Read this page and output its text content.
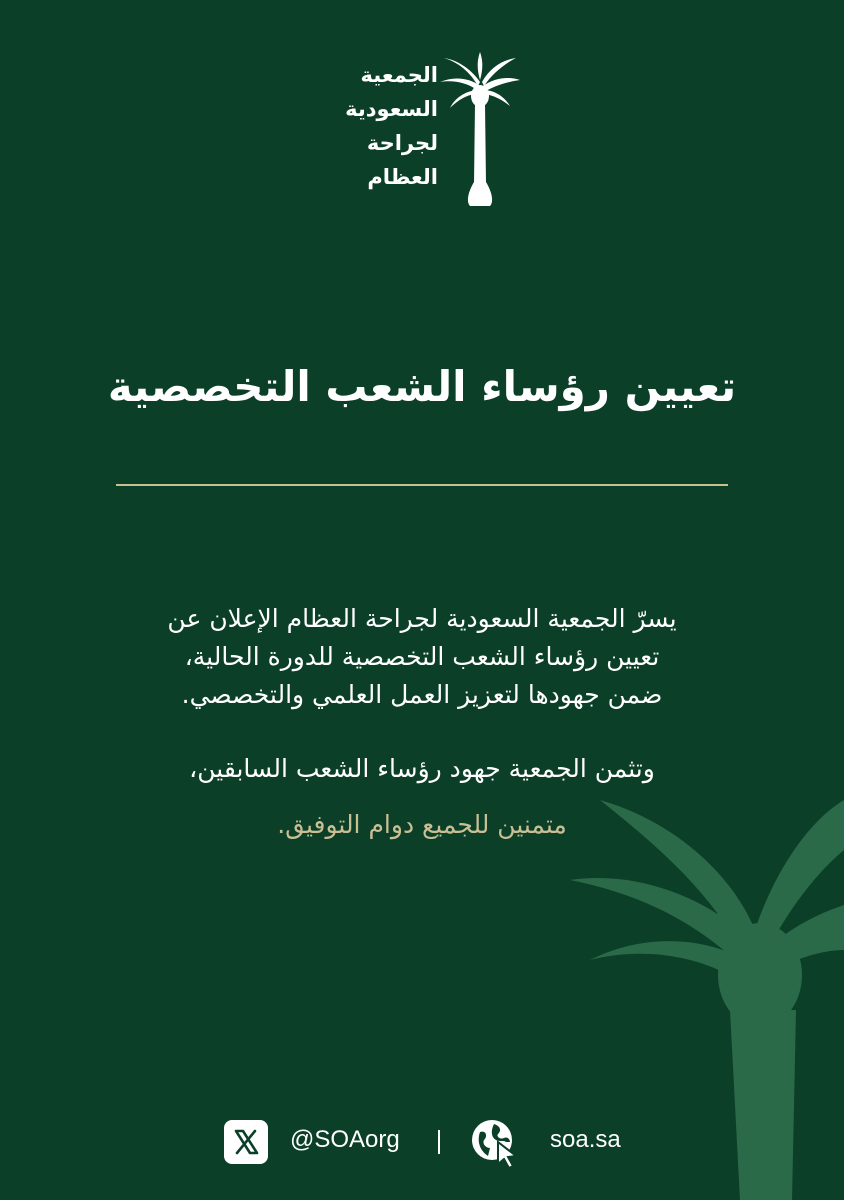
الجمعية
السعودية
لجراحة
العظام
تعيين رؤساء الشعب التخصصية

يسرّ الجمعية السعودية لجراحة العظام الإعلان عن
تعيين رؤساء الشعب التخصصية للدورة الحالية،
ضمن جهودها لتعزيز العمل العلمي والتخصصي.

وتثمن الجمعية جهود رؤساء الشعب السابقين،

متمنين للجميع دوام التوفيق.

@SOAorg	soa.sa
